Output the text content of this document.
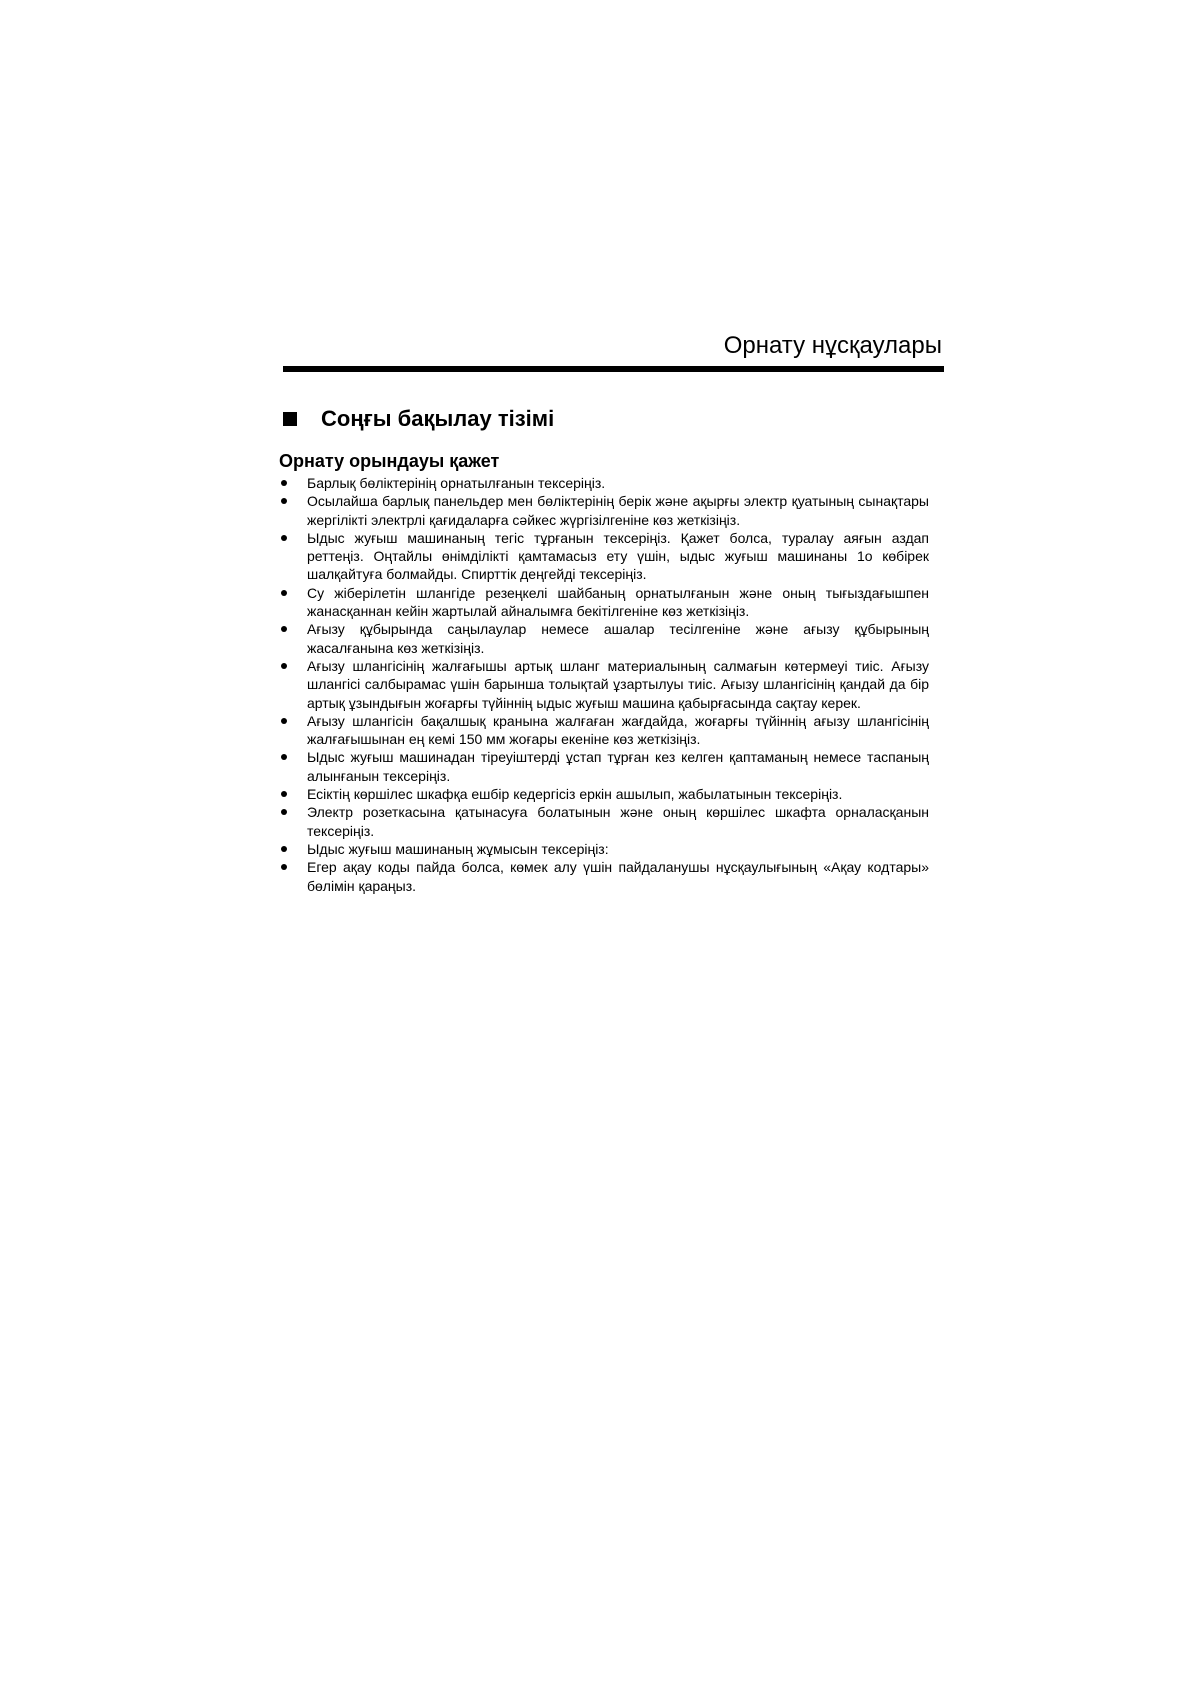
Орнату нұсқаулары
Соңғы бақылау тізімі
Орнату орындауы қажет
Барлық бөліктерінің орнатылғанын тексеріңіз.
Осылайша барлық панельдер мен бөліктерінің берік және ақырғы электр қуатының сынақтары жергілікті электрлі қағидаларға сәйкес жүргізілгеніне көз жеткізіңіз.
Ыдыс жуғыш машинаның тегіс тұрғанын тексеріңіз. Қажет болса, туралау аяғын аздап реттеңіз. Оңтайлы өнімділікті қамтамасыз ету үшін, ыдыс жуғыш машинаны 1o көбірек шалқайтуға болмайды. Спирттік деңгейді тексеріңіз.
Су жіберілетін шлангіде резеңкелі шайбаның орнатылғанын және оның тығыздағышпен жанасқаннан кейін жартылай айналымға бекітілгеніне көз жеткізіңіз.
Ағызу құбырында саңылаулар немесе ашалар тесілгеніне және ағызу құбырының жасалғанына көз жеткізіңіз.
Ағызу шлангісінің жалғағышы артық шланг материалының салмағын көтермеуі тиіс. Ағызу шлангісі салбырамас үшін барынша толықтай ұзартылуы тиіс. Ағызу шлангісінің қандай да бір артық ұзындығын жоғарғы түйіннің ыдыс жуғыш машина қабырғасында сақтау керек.
Ағызу шлангісін бақалшық кранына жалғаған жағдайда, жоғарғы түйіннің ағызу шлангісінің жалғағышынан ең кемі 150 мм жоғары екеніне көз жеткізіңіз.
Ыдыс жуғыш машинадан тіреуіштерді ұстап тұрған кез келген қаптаманың немесе таспаның алынғанын тексеріңіз.
Есіктің көршілес шкафқа ешбір кедергісіз еркін ашылып, жабылатынын тексеріңіз.
Электр розеткасына қатынасуға болатынын және оның көршілес шкафта орналасқанын тексеріңіз.
Ыдыс жуғыш машинаның жұмысын тексеріңіз:
Егер ақау коды пайда болса, көмек алу үшін пайдаланушы нұсқаулығының «Ақау кодтары» бөлімін қараңыз.
